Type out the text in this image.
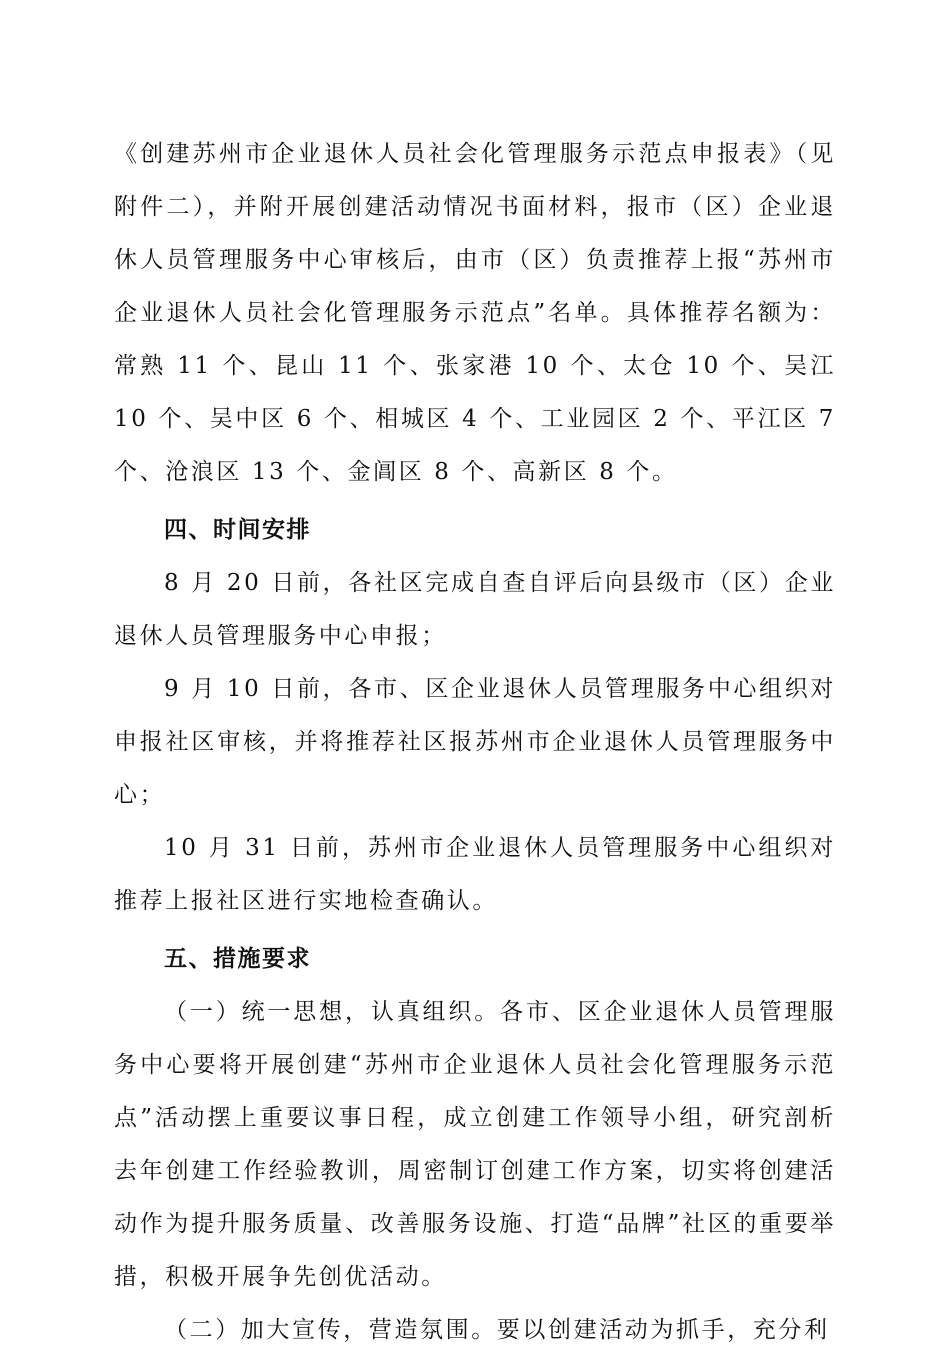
《创建苏州市企业退休人员社会化管理服务示范点申报表》（见附件二），并附开展创建活动情况书面材料，报市（区）企业退休人员管理服务中心审核后，由市（区）负责推荐上报“苏州市企业退休人员社会化管理服务示范点”名单。具体推荐名额为：常熟 11 个、昆山 11 个、张家港 10 个、太仓 10 个、吴江 10 个、吴中区 6 个、相城区 4 个、工业园区 2 个、平江区 7 个、沧浪区 13 个、金阊区 8 个、高新区 8 个。

四、时间安排

8 月 20 日前，各社区完成自查自评后向县级市（区）企业退休人员管理服务中心申报；

9 月 10 日前，各市、区企业退休人员管理服务中心组织对申报社区审核，并将推荐社区报苏州市企业退休人员管理服务中心；

10 月 31 日前，苏州市企业退休人员管理服务中心组织对推荐上报社区进行实地检查确认。

五、措施要求

（一）统一思想，认真组织。各市、区企业退休人员管理服务中心要将开展创建“苏州市企业退休人员社会化管理服务示范点”活动摆上重要议事日程，成立创建工作领导小组，研究剖析去年创建工作经验教训，周密制订创建工作方案，切实将创建活动作为提升服务质量、改善服务设施、打造“品牌”社区的重要举措，积极开展争先创优活动。

（二）加大宣传，营造氛围。要以创建活动为抓手，充分利
